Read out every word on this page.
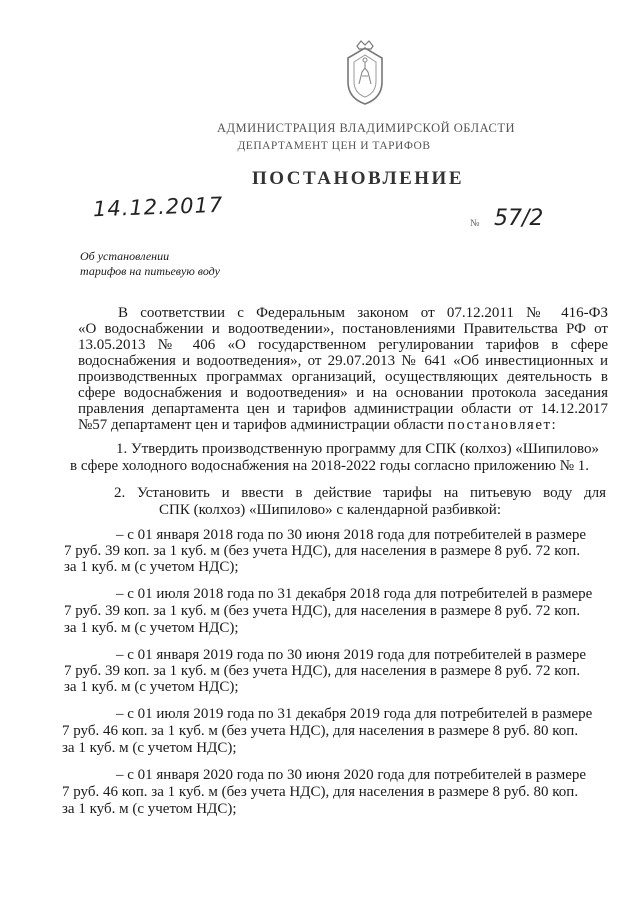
АДМИНИСТРАЦИЯ ВЛАДИМИРСКОЙ ОБЛАСТИ
ДЕПАРТАМЕНТ ЦЕН И ТАРИФОВ
ПОСТАНОВЛЕНИЕ
14.12.2017
№ 57/2
Об установлении
тарифов на питьевую воду
В соответствии с Федеральным законом от 07.12.2011 № 416-ФЗ
«О водоснабжении и водоотведении», постановлениями Правительства РФ от
13.05.2013 № 406 «О государственном регулировании тарифов в сфере
водоснабжения и водоотведения», от 29.07.2013 № 641 «Об инвестиционных и
производственных программах организаций, осуществляющих деятельность в
сфере водоснабжения и водоотведения» и на основании протокола заседания
правления департамента цен и тарифов администрации области от 14.12.2017
№57 департамент цен и тарифов администрации области постановляет:
1. Утвердить производственную программу для СПК (колхоз) «Шипилово»
в сфере холодного водоснабжения на 2018-2022 годы согласно приложению № 1.
2. Установить и ввести в действие тарифы на питьевую воду для
СПК (колхоз) «Шипилово» с календарной разбивкой:
– с 01 января 2018 года по 30 июня 2018 года для потребителей в размере
7 руб. 39 коп. за 1 куб. м (без учета НДС), для населения в размере 8 руб. 72 коп.
за 1 куб. м (с учетом НДС);
– с 01 июля 2018 года по 31 декабря 2018 года для потребителей в размере
7 руб. 39 коп. за 1 куб. м (без учета НДС), для населения в размере 8 руб. 72 коп.
за 1 куб. м (с учетом НДС);
– с 01 января 2019 года по 30 июня 2019 года для потребителей в размере
7 руб. 39 коп. за 1 куб. м (без учета НДС), для населения в размере 8 руб. 72 коп.
за 1 куб. м (с учетом НДС);
– с 01 июля 2019 года по 31 декабря 2019 года для потребителей в размере
7 руб. 46 коп. за 1 куб. м (без учета НДС), для населения в размере 8 руб. 80 коп.
за 1 куб. м (с учетом НДС);
– с 01 января 2020 года по 30 июня 2020 года для потребителей в размере
7 руб. 46 коп. за 1 куб. м (без учета НДС), для населения в размере 8 руб. 80 коп.
за 1 куб. м (с учетом НДС);
